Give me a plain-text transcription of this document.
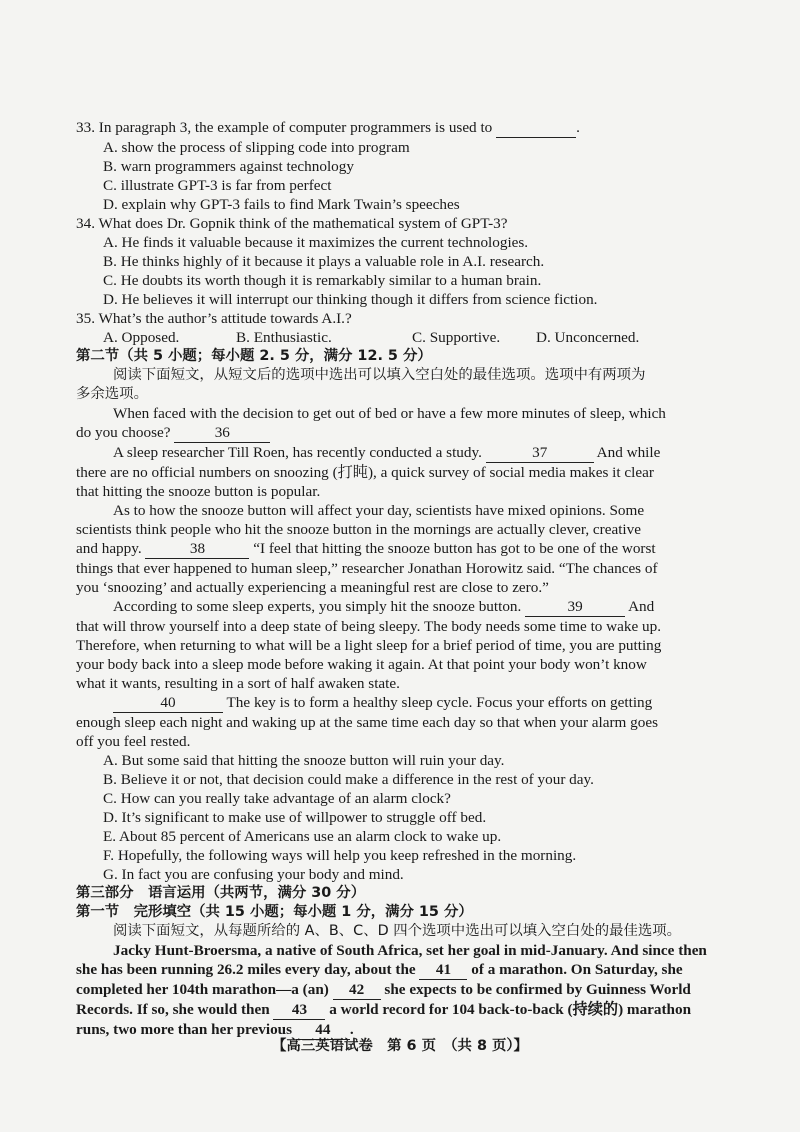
33. In paragraph 3, the example of computer programmers is used to	.
A. show the process of slipping code into program
B. warn programmers against technology
C. illustrate GPT-3 is far from perfect
D. explain why GPT-3 fails to find Mark Twain’s speeches
34. What does Dr. Gopnik think of the mathematical system of GPT-3?
A. He finds it valuable because it maximizes the current technologies.
B. He thinks highly of it because it plays a valuable role in A.I. research.
C. He doubts its worth though it is remarkably similar to a human brain.
D. He believes it will interrupt our thinking though it differs from science fiction.
35. What’s the author’s attitude towards A.I.?
A. Opposed.	B. Enthusiastic.	C. Supportive.	D. Unconcerned.
第二节（共 5 小题；每小题 2. 5 分，满分 12. 5 分）
阅读下面短文，从短文后的选项中选出可以填入空白处的最佳选项。选项中有两项为
多余选项。
When faced with the decision to get out of bed or have a few more minutes of sleep, which
do you choose?	36
A sleep researcher Till Roen, has recently conducted a study.	37	And while
there are no official numbers on snoozing (打盹), a quick survey of social media makes it clear
that hitting the snooze button is popular.
As to how the snooze button will affect your day, scientists have mixed opinions. Some
scientists think people who hit the snooze button in the mornings are actually clever, creative
and happy.	38	“I feel that hitting the snooze button has got to be one of the worst
things that ever happened to human sleep,” researcher Jonathan Horowitz said. “The chances of
you ‘snoozing’ and actually experiencing a meaningful rest are close to zero.”
According to some sleep experts, you simply hit the snooze button.	39	And
that will throw yourself into a deep state of being sleepy. The body needs some time to wake up.
Therefore, when returning to what will be a light sleep for a brief period of time, you are putting
your body back into a sleep mode before waking it again. At that point your body won’t know
what it wants, resulting in a sort of half awaken state.
40	The key is to form a healthy sleep cycle. Focus your efforts on getting
enough sleep each night and waking up at the same time each day so that when your alarm goes
off you feel rested.
A. But some said that hitting the snooze button will ruin your day.
B. Believe it or not, that decision could make a difference in the rest of your day.
C. How can you really take advantage of an alarm clock?
D. It’s significant to make use of willpower to struggle off bed.
E. About 85 percent of Americans use an alarm clock to wake up.
F. Hopefully, the following ways will help you keep refreshed in the morning.
G. In fact you are confusing your body and mind.
第三部分　语言运用（共两节，满分 30 分）
第一节　完形填空（共 15 小题；每小题 1 分，满分 15 分）
阅读下面短文，从每题所给的 A、B、C、D 四个选项中选出可以填入空白处的最佳选项。
Jacky Hunt-Broersma, a native of South Africa, set her goal in mid-January. And since then
she has been running 26.2 miles every day, about the 41 of a marathon. On Saturday, she
completed her 104th marathon—a (an) 42 she expects to be confirmed by Guinness World
Records. If so, she would then 43 a world record for 104 back-to-back (持续的) marathon
runs, two more than her previous 44 .
【高三英语试卷　第 6 页　（共 8 页）】
